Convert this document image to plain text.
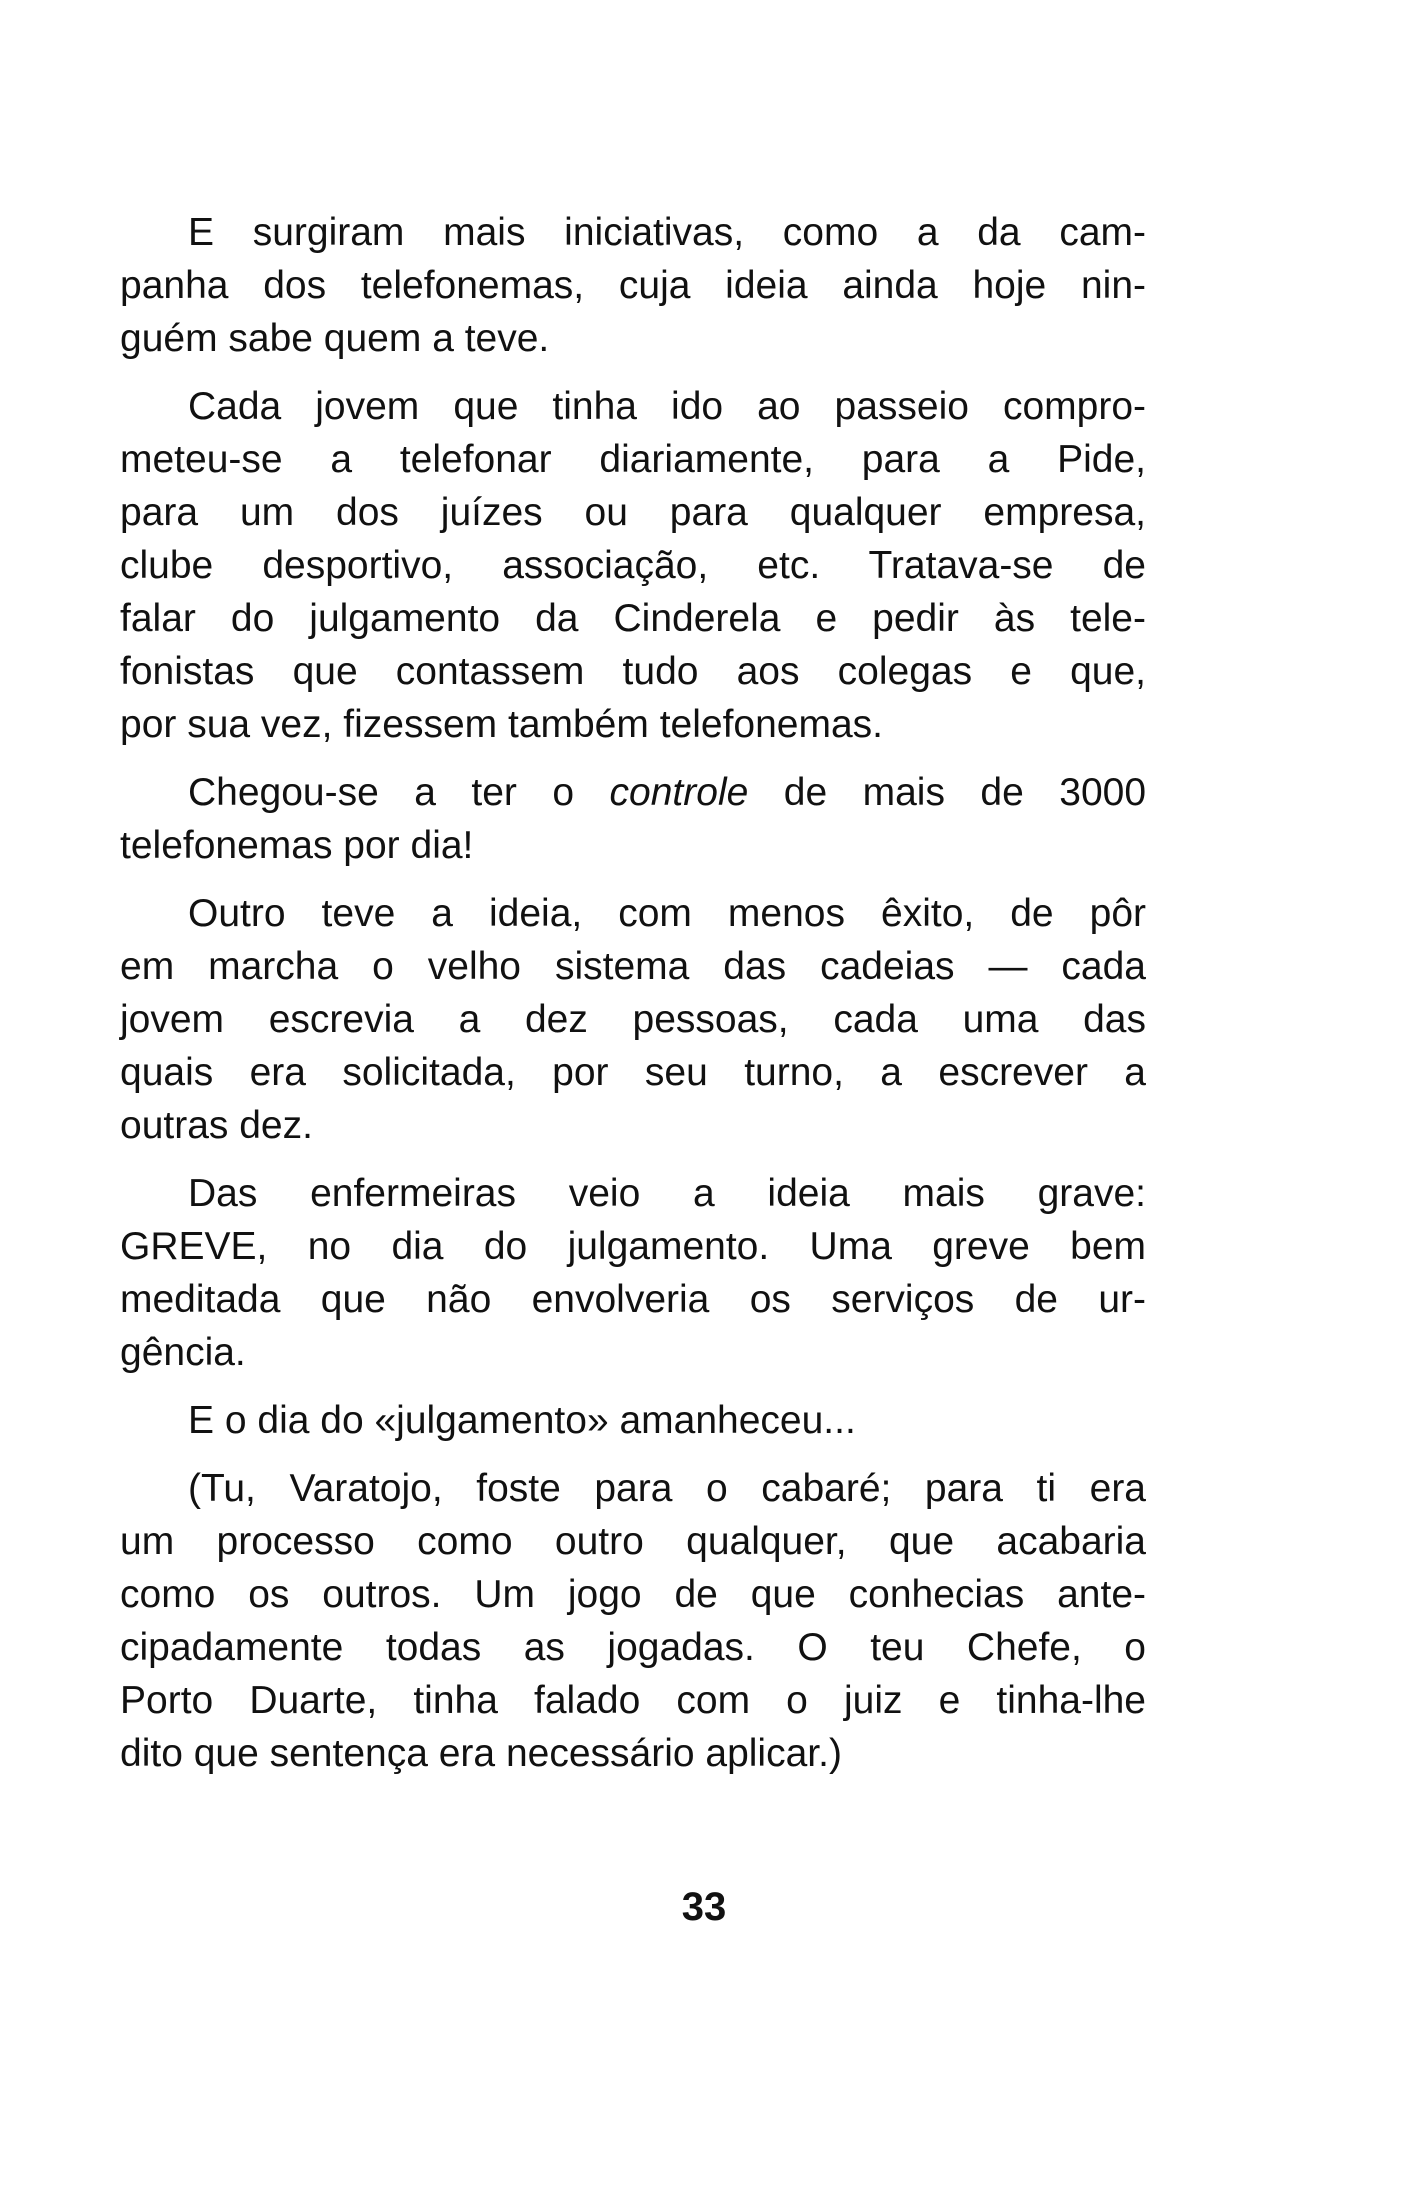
E surgiram mais iniciativas, como a da cam-
panha dos telefonemas, cuja ideia ainda hoje nin-
guém sabe quem a teve.

Cada jovem que tinha ido ao passeio compro-
meteu-se a telefonar diariamente, para a Pide,
para um dos juízes ou para qualquer empresa,
clube desportivo, associação, etc. Tratava-se de
falar do julgamento da Cinderela e pedir às tele-
fonistas que contassem tudo aos colegas e que,
por sua vez, fizessem também telefonemas.

Chegou-se a ter o controle de mais de 3000
telefonemas por dia!

Outro teve a ideia, com menos êxito, de pôr
em marcha o velho sistema das cadeias — cada
jovem escrevia a dez pessoas, cada uma das
quais era solicitada, por seu turno, a escrever a
outras dez.

Das enfermeiras veio a ideia mais grave:
GREVE, no dia do julgamento. Uma greve bem
meditada que não envolveria os serviços de ur-
gência.

E o dia do «julgamento» amanheceu...

(Tu, Varatojo, foste para o cabaré; para ti era
um processo como outro qualquer, que acabaria
como os outros. Um jogo de que conhecias ante-
cipadamente todas as jogadas. O teu Chefe, o
Porto Duarte, tinha falado com o juiz e tinha-lhe
dito que sentença era necessário aplicar.)

33
